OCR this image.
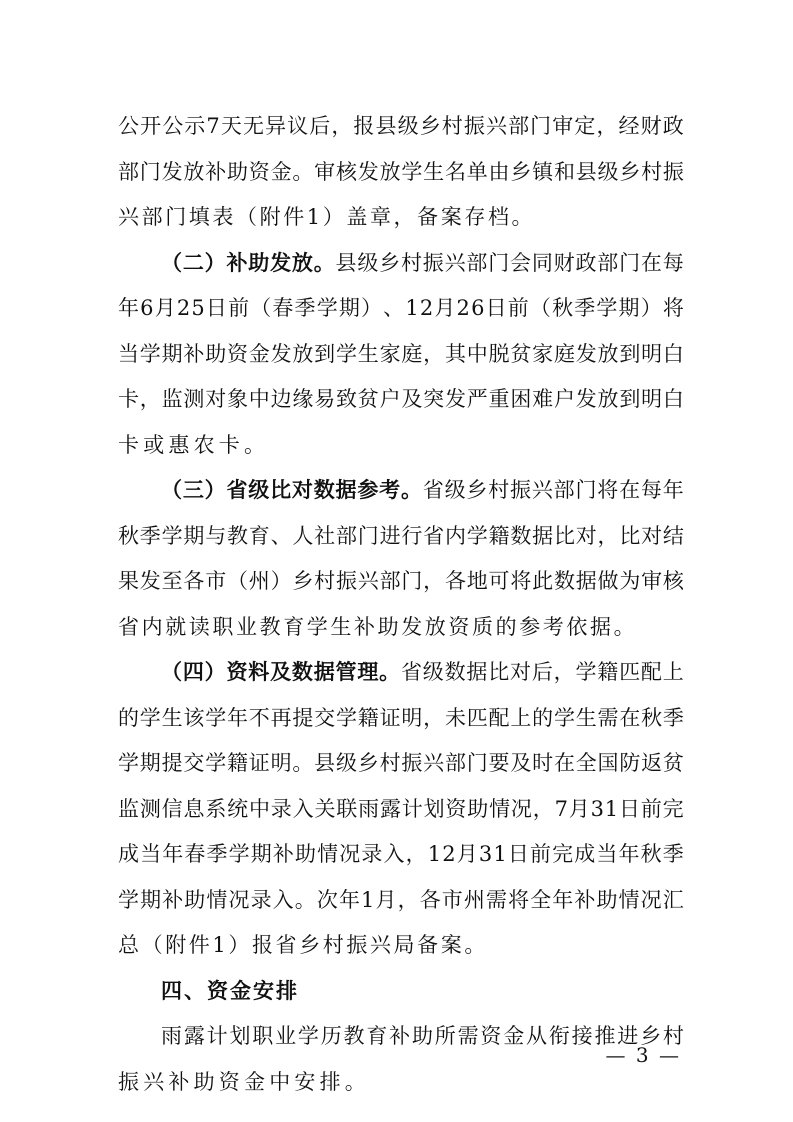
公 开 公 示 7 天 无 异 议 后 ， 报 县 级 乡 村 振 兴 部 门 审 定 ， 经 财 政
部 门 发 放 补 助 资 金 。 审 核 发 放 学 生 名 单 由 乡 镇 和 县 级 乡 村 振
兴部门填表（附件1）盖章，备案存档。
（ 二 ） 补 助 发 放 。 县 级 乡 村 振 兴 部 门 会 同 财 政 部 门 在 每
年 6 月 2 5 日 前 （ 春 季 学 期 ） 、 1 2 月 2 6 日 前 （ 秋 季 学 期 ） 将
当 学 期 补 助 资 金 发 放 到 学 生 家 庭 ， 其 中 脱 贫 家 庭 发 放 到 明 白
卡 ， 监 测 对 象 中 边 缘 易 致 贫 户 及 突 发 严 重 困 难 户 发 放 到 明 白
卡或惠农卡。
（ 三 ） 省 级 比 对 数 据 参 考 。 省 级 乡 村 振 兴 部 门 将 在 每 年
秋 季 学 期 与 教 育 、 人 社 部 门 进 行 省 内 学 籍 数 据 比 对 ， 比 对 结
果 发 至 各 市 （ 州 ） 乡 村 振 兴 部 门 ， 各 地 可 将 此 数 据 做 为 审 核
省内就读职业教育学生补助发放资质的参考依据。
（ 四 ） 资 料 及 数 据 管 理 。 省 级 数 据 比 对 后 ， 学 籍 匹 配 上
的 学 生 该 学 年 不 再 提 交 学 籍 证 明 ， 未 匹 配 上 的 学 生 需 在 秋 季
学 期 提 交 学 籍 证 明 。 县 级 乡 村 振 兴 部 门 要 及 时 在 全 国 防 返 贫
监 测 信 息 系 统 中 录 入 关 联 雨 露 计 划 资 助 情 况 ， 7 月 3 1 日 前 完
成 当 年 春 季 学 期 补 助 情 况 录 入 ， 1 2 月 3 1 日 前 完 成 当 年 秋 季
学 期 补 助 情 况 录 入 。 次 年 1 月 ， 各 市 州 需 将 全 年 补 助 情 况 汇
总（附件1）报省乡村振兴局备案。
四、资金安排
雨 露 计 划 职 业 学 历 教 育 补 助 所 需 资 金 从 衔 接 推 进 乡 村
振兴补助资金中安排。
— 3 —
